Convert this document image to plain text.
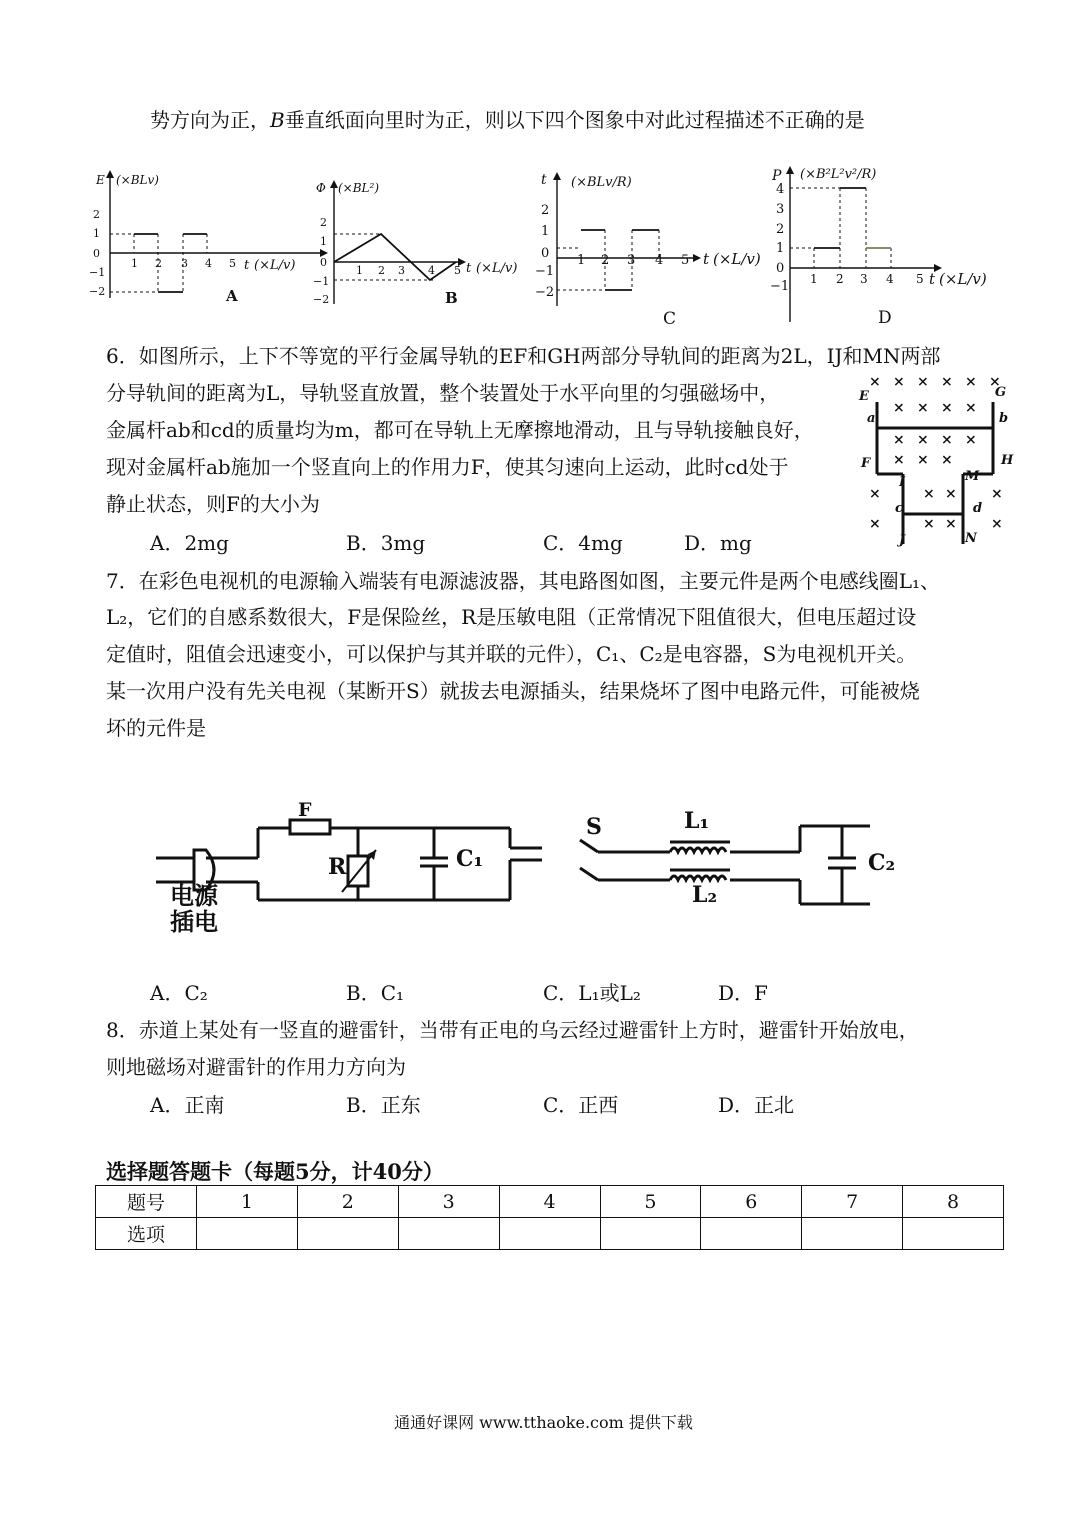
势方向为正，B垂直纸面向里时为正，则以下四个图象中对此过程描述不正确的是
E (×BLv)
2
1
0
−1
−2
1 2 3 4 5 t (×L/v)
A
Φ (×BL²)
2
1
0
−1
−2
1 2 3 4 5 t (×L/v)
B
t (×BLv/R)
2
1
0
−1
−2
1 2 3 4 5 t (×L/v)
C
P (×B²L²v²/R)
4
3
2
1
0
−1 1 2 3 4 5 t (×L/v)
D
6．如图所示，上下不等宽的平行金属导轨的EF和GH两部分导轨间的距离为2L，IJ和MN两部
分导轨间的距离为L，导轨竖直放置，整个装置处于水平向里的匀强磁场中，
金属杆ab和cd的质量均为m，都可在导轨上无摩擦地滑动，且与导轨接触良好，
现对金属杆ab施加一个竖直向上的作用力F，使其匀速向上运动，此时cd处于
静止状态，则F的大小为
× × × × × ×
× × × ×
× × × ×
× × ×
×	× × ×
×	× × ×
E
a
F
G
b
H
I
c
J
M
d
N
A．2mg	B．3mg	C．4mg	D．mg
7．在彩色电视机的电源输入端装有电源滤波器，其电路图如图，主要元件是两个电感线圈L₁、
L₂，它们的自感系数很大，F是保险丝，R是压敏电阻（正常情况下阻值很大，但电压超过设
定值时，阻值会迅速变小，可以保护与其并联的元件），C₁、C₂是电容器，S为电视机开关。
某一次用户没有先关电视（某断开S）就拔去电源插头，结果烧坏了图中电路元件，可能被烧
坏的元件是
F
R	C₁
S	L₁
L₂
C₂
电源
插电
A．C₂	B．C₁	C．L₁或L₂	D．F
8．赤道上某处有一竖直的避雷针，当带有正电的乌云经过避雷针上方时，避雷针开始放电，
则地磁场对避雷针的作用力方向为
A．正南	B．正东	C．正西	D．正北
选择题答题卡（每题5分，计40分）
题号	1	2	3	4	5	6	7	8
选项								
通通好课网 www.tthaoke.com 提供下载
